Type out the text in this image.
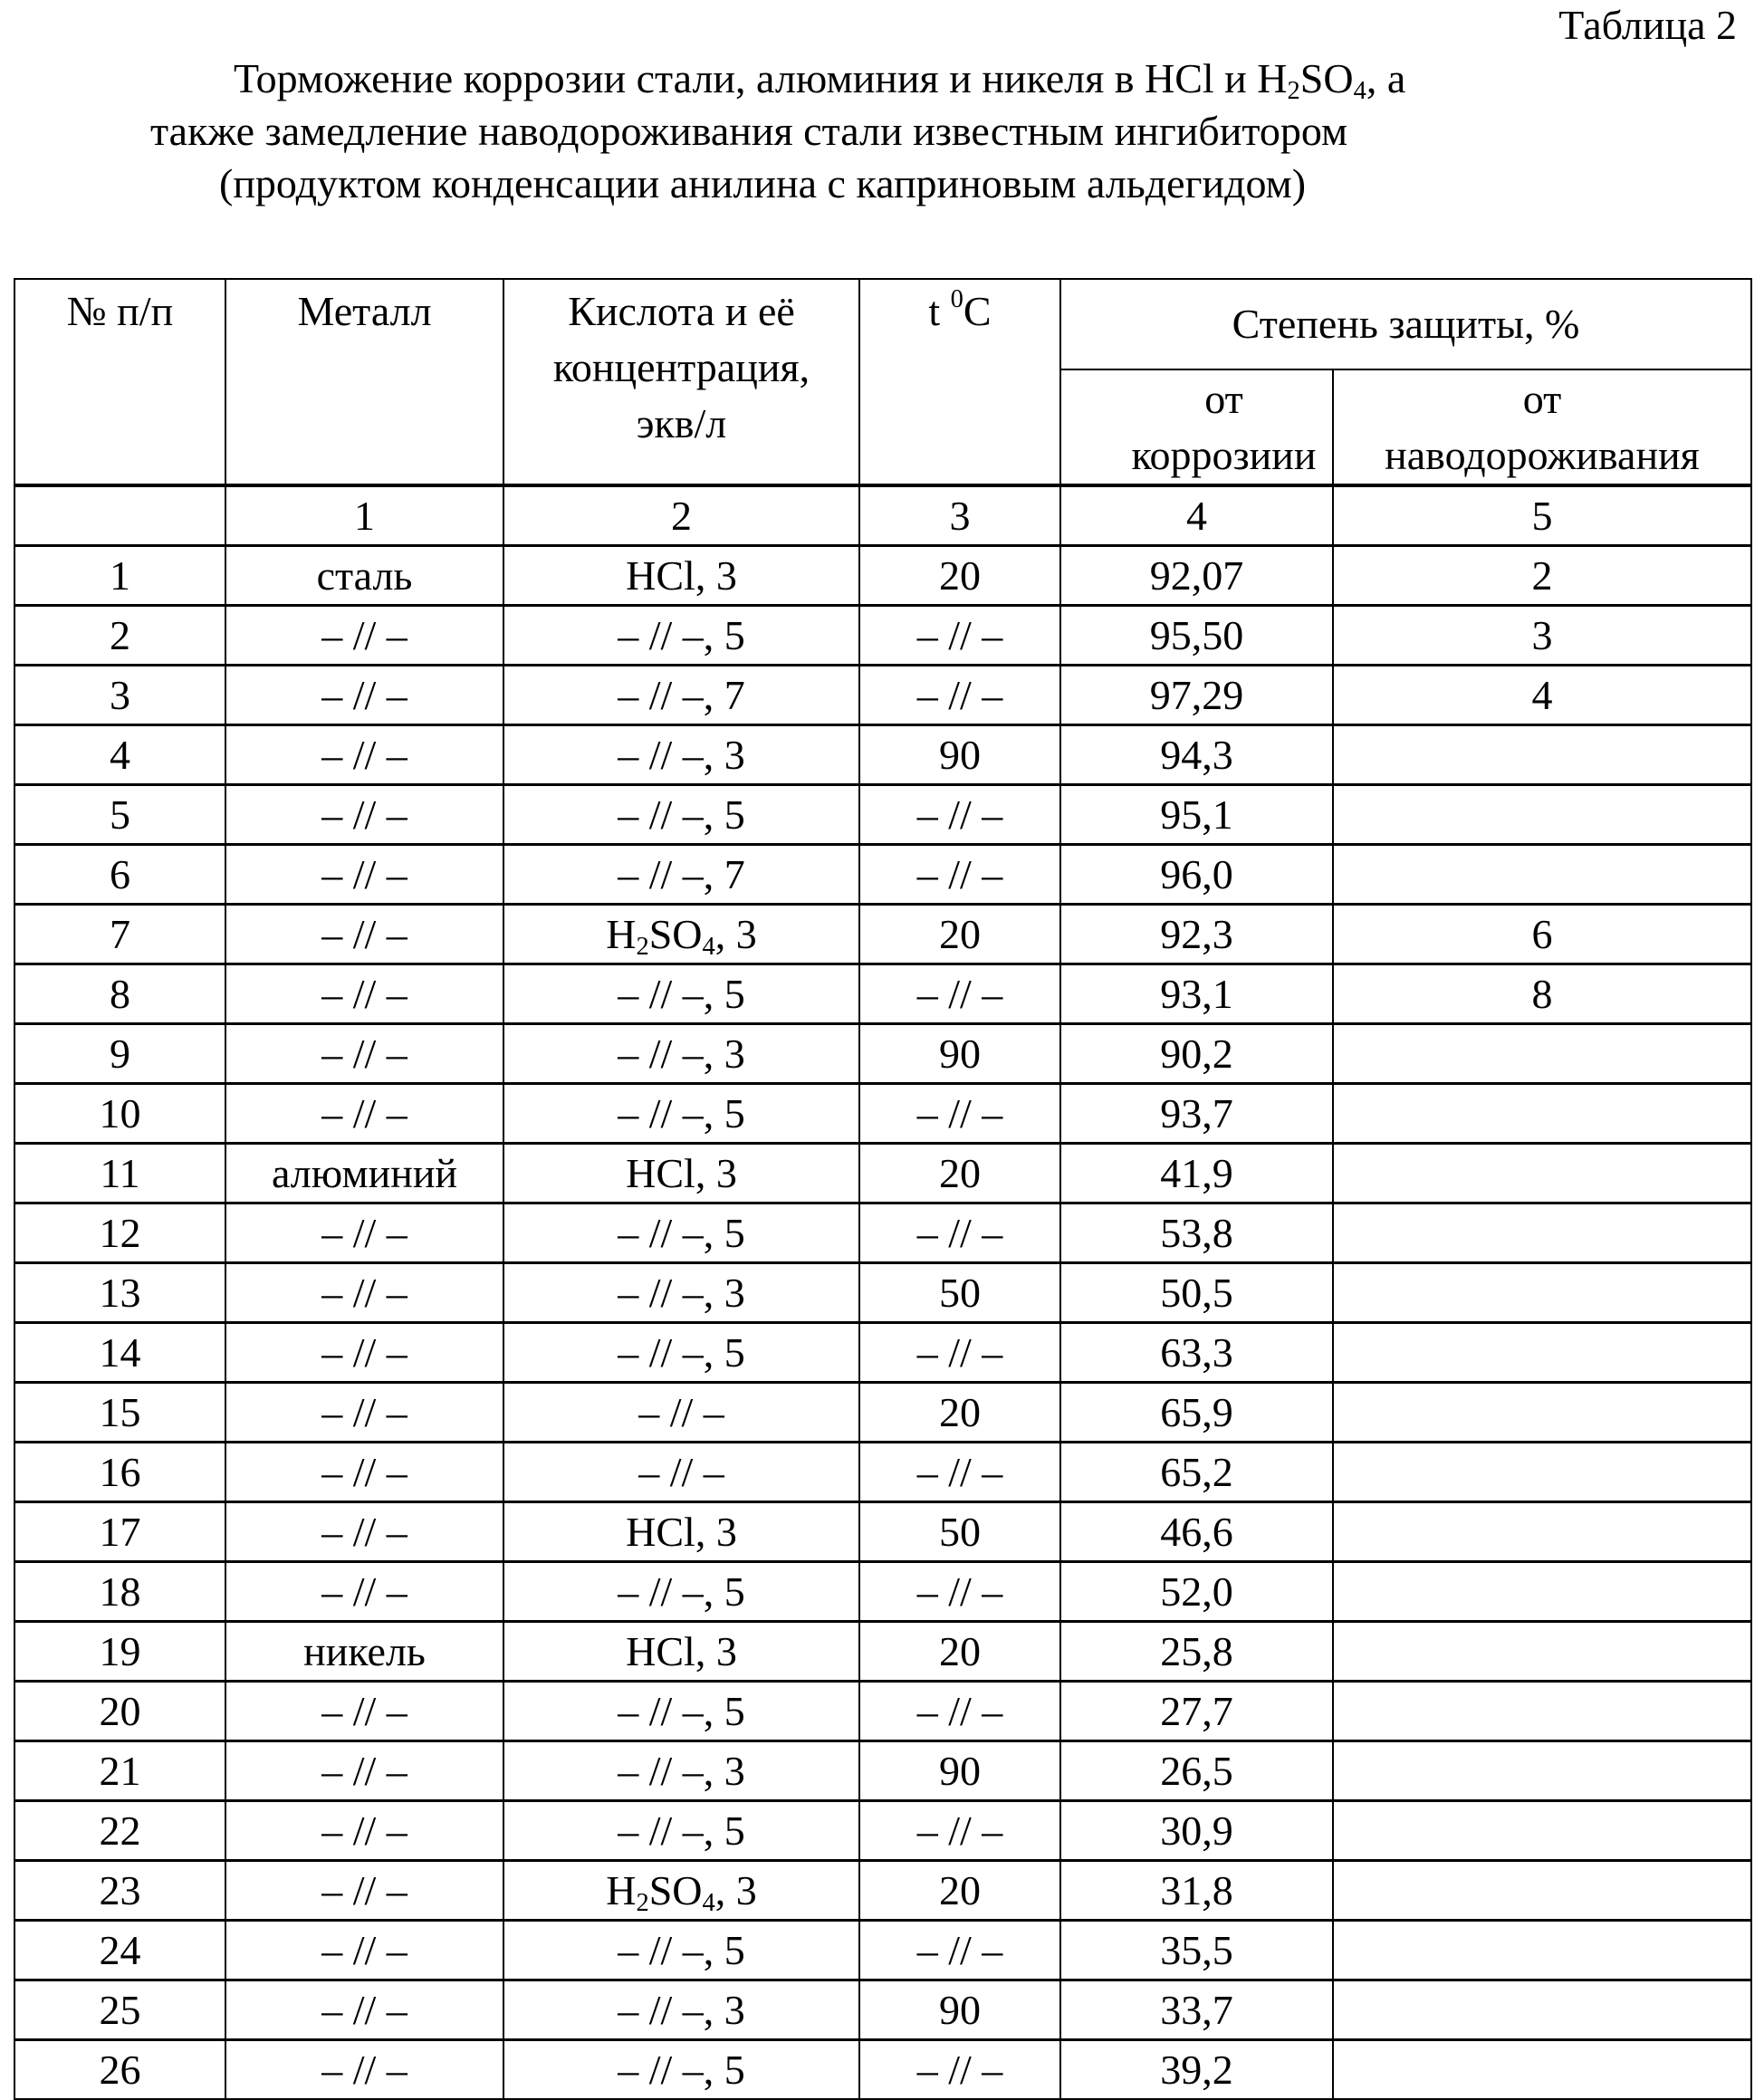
Таблица 2
Торможение коррозии стали, алюминия и никеля в HCl и H2SO4, а
также замедление наводороживания стали известным ингибитором
(продуктом конденсации анилина с каприновым альдегидом)
№ п/п	Металл	Кислота и её концентрация, экв/л	t 0C	Степень защиты, %
от коррозиии	от наводороживания
	1	2	3	4	5
1	сталь	HCl, 3	20	92,07	2
2	– // –	– // –, 5	– // –	95,50	3
3	– // –	– // –, 7	– // –	97,29	4
4	– // –	– // –, 3	90	94,3	
5	– // –	– // –, 5	– // –	95,1	
6	– // –	– // –, 7	– // –	96,0	
7	– // –	H2SO4, 3	20	92,3	6
8	– // –	– // –, 5	– // –	93,1	8
9	– // –	– // –, 3	90	90,2	
10	– // –	– // –, 5	– // –	93,7	
11	алюминий	HCl, 3	20	41,9	
12	– // –	– // –, 5	– // –	53,8	
13	– // –	– // –, 3	50	50,5	
14	– // –	– // –, 5	– // –	63,3	
15	– // –	– // –	20	65,9	
16	– // –	– // –	– // –	65,2	
17	– // –	HCl, 3	50	46,6	
18	– // –	– // –, 5	– // –	52,0	
19	никель	HCl, 3	20	25,8	
20	– // –	– // –, 5	– // –	27,7	
21	– // –	– // –, 3	90	26,5	
22	– // –	– // –, 5	– // –	30,9	
23	– // –	H2SO4, 3	20	31,8	
24	– // –	– // –, 5	– // –	35,5	
25	– // –	– // –, 3	90	33,7	
26	– // –	– // –, 5	– // –	39,2	
